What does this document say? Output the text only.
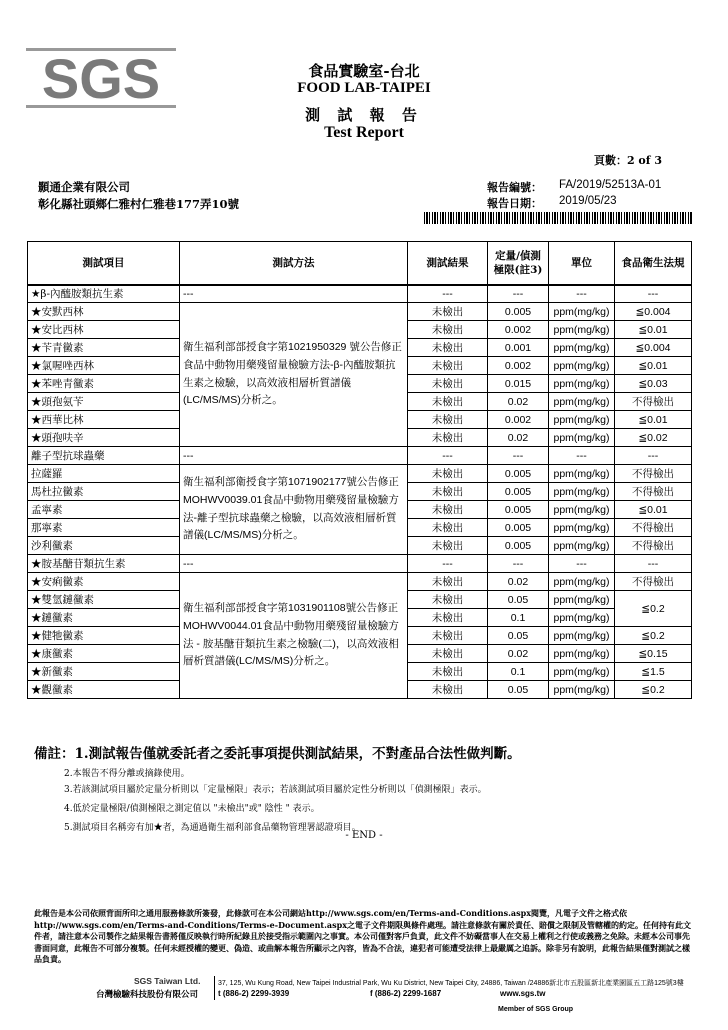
SGS	食品實驗室-台北
FOOD LAB-TAIPEI
測 試 報 告
Test Report
頁數：2 of 3
顥通企業有限公司
彰化縣社頭鄉仁雅村仁雅巷177弄10號
報告編號： FA/2019/52513A-01
報告日期： 2019/05/23
測試項目	測試方法	測試結果	定量/偵測極限(註3)	單位	食品衛生法規
★β-內醯胺類抗生素	---	---	---	---	---
★安默西林	衛生福利部部授食字第1021950329 號公告修正食品中動物用藥殘留量檢驗方法-β-內醯胺類抗生素之檢驗，以高效液相層析質譜儀(LC/MS/MS)分析之。	未檢出	0.005	ppm(mg/kg)	≦0.004
★安比西林		未檢出	0.002	ppm(mg/kg)	≦0.01
★苄青黴素		未檢出	0.001	ppm(mg/kg)	≦0.004
★氯喔唑西林		未檢出	0.002	ppm(mg/kg)	≦0.01
★苯唑青黴素		未檢出	0.015	ppm(mg/kg)	≦0.03
★頭孢氨苄		未檢出	0.02	ppm(mg/kg)	不得檢出
★西華比林		未檢出	0.002	ppm(mg/kg)	≦0.01
★頭孢呋辛		未檢出	0.02	ppm(mg/kg)	≦0.02
離子型抗球蟲藥	---	---	---	---	---
拉薩羅	衛生福利部衛授食字第1071902177號公告修正MOHWV0039.01食品中動物用藥殘留量檢驗方法-離子型抗球蟲藥之檢驗，以高效液相層析質譜儀(LC/MS/MS)分析之。	未檢出	0.005	ppm(mg/kg)	不得檢出
馬杜拉黴素		未檢出	0.005	ppm(mg/kg)	不得檢出
孟寧素		未檢出	0.005	ppm(mg/kg)	≦0.01
那寧素		未檢出	0.005	ppm(mg/kg)	不得檢出
沙利黴素		未檢出	0.005	ppm(mg/kg)	不得檢出
★胺基醣苷類抗生素	---	---	---	---	---
★安痢黴素	衛生福利部部授食字第1031901108號公告修正MOHWV0044.01食品中動物用藥殘留量檢驗方法 - 胺基醣苷類抗生素之檢驗(二)，以高效液相層析質譜儀(LC/MS/MS)分析之。	未檢出	0.02	ppm(mg/kg)	不得檢出
★雙氫鏈黴素		未檢出	0.05	ppm(mg/kg)	≦0.2
★鏈黴素		未檢出	0.1	ppm(mg/kg)	
★健牠黴素		未檢出	0.05	ppm(mg/kg)	≦0.2
★康黴素		未檢出	0.02	ppm(mg/kg)	≦0.15
★新黴素		未檢出	0.1	ppm(mg/kg)	≦1.5
★觀黴素		未檢出	0.05	ppm(mg/kg)	≦0.2
備註：1.測試報告僅就委託者之委託事項提供測試結果，不對產品合法性做判斷。
2.本報告不得分離或摘錄使用。
3.若該測試項目屬於定量分析則以「定量極限」表示；若該測試項目屬於定性分析則以「偵測極限」表示。
4.低於定量極限/偵測極限之測定值以 "未檢出"或" 陰性 " 表示。
5.測試項目名稱旁有加★者，為通過衛生福利部食品藥物管理署認證項目。
- END -
此報告是本公司依照背面所印之通用服務條款所簽發，此條款可在本公司網站http://www.sgs.com/en/Terms-and-Conditions.aspx閱覽，凡電子文件之格式依http://www.sgs.com/en/Terms-and-Conditions/Terms-e-Document.aspx之電子文件期限與條件處理。請注意條款有關於責任、賠償之限制及管轄權的約定。任何持有此文件者，請注意本公司製作之結果報告書將僅反映執行時所紀錄且於接受指示範圍內之事實。本公司僅對客戶負責，此文件不妨礙當事人在交易上權利之行使或義務之免除。未經本公司事先書面同意，此報告不可部分複製。任何未經授權的變更、偽造、或曲解本報告所顯示之內容，皆為不合法，違犯者可能遭受法律上最嚴厲之追訴。除非另有說明，此報告結果僅對測試之樣品負責。
SGS Taiwan Ltd.
台灣檢驗科技股份有限公司
37, 125, Wu Kung Road, New Taipei Industrial Park, Wu Ku District, New Taipei City, 24886, Taiwan /24886新北市五股區新北產業園區五工路125號3樓
t (886-2) 2299-3939	f (886-2) 2299-1687	www.sgs.tw
Member of SGS Group
